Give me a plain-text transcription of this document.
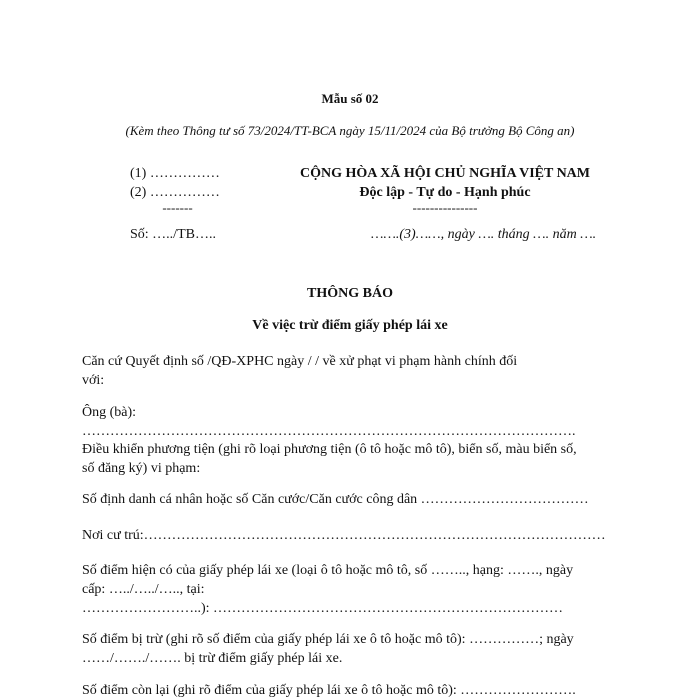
Mẫu số 02
(Kèm theo Thông tư số 73/2024/TT-BCA ngày 15/11/2024 của Bộ trưởng Bộ Công an)
(1) ……………
(2) ……………
-------
Số: …../TB…..
CỘNG HÒA XÃ HỘI CHỦ NGHĨA VIỆT NAM
Độc lập - Tự do - Hạnh phúc
---------------
…….(3)……, ngày …. tháng …. năm ….
THÔNG BÁO
Về việc trừ điểm giấy phép lái xe
Căn cứ Quyết định số /QĐ-XPHC ngày / / về xử phạt vi phạm hành chính đối
với:
Ông (bà): …………………………………………………………………………………………….
Điều khiển phương tiện (ghi rõ loại phương tiện (ô tô hoặc mô tô), biển số, màu biển số,
số đăng ký) vi phạm:
Số định danh cá nhân hoặc số Căn cước/Căn cước công dân ………………………………
Nơi cư trú:………………………………………………………………………………………
Số điểm hiện có của giấy phép lái xe (loại ô tô hoặc mô tô, số …….., hạng: ……., ngày
cấp: …../…../….., tại:
……………………..): …………………………………………………………………
Số điểm bị trừ (ghi rõ số điểm của giấy phép lái xe ô tô hoặc mô tô): ……………; ngày
……/……./……. bị trừ điểm giấy phép lái xe.
Số điểm còn lại (ghi rõ điểm của giấy phép lái xe ô tô hoặc mô tô): …………………….
